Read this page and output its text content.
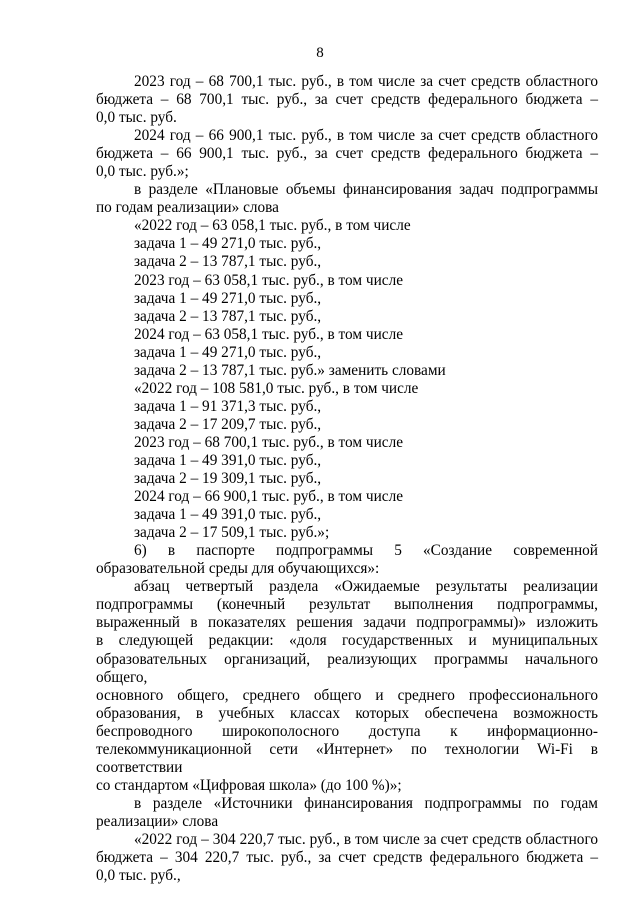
8

2023 год – 68 700,1 тыс. руб., в том числе за счет средств областного

бюджета – 68 700,1 тыс. руб., за счет средств федерального бюджета –

0,0 тыс. руб.

2024 год – 66 900,1 тыс. руб., в том числе за счет средств областного

бюджета – 66 900,1 тыс. руб., за счет средств федерального бюджета –

0,0 тыс. руб.»;

в разделе «Плановые объемы финансирования задач подпрограммы

по годам реализации» слова

«2022 год – 63 058,1 тыс. руб., в том числе

задача 1 – 49 271,0 тыс. руб.,

задача 2 – 13 787,1 тыс. руб.,

2023 год – 63 058,1 тыс. руб., в том числе

задача 1 – 49 271,0 тыс. руб.,

задача 2 – 13 787,1 тыс. руб.,

2024 год – 63 058,1 тыс. руб., в том числе

задача 1 – 49 271,0 тыс. руб.,

задача 2 – 13 787,1 тыс. руб.» заменить словами

«2022 год – 108 581,0 тыс. руб., в том числе

задача 1 – 91 371,3 тыс. руб.,

задача 2 – 17 209,7 тыс. руб.,

2023 год – 68 700,1 тыс. руб., в том числе

задача 1 – 49 391,0 тыс. руб.,

задача 2 – 19 309,1 тыс. руб.,

2024 год – 66 900,1 тыс. руб., в том числе

задача 1 – 49 391,0 тыс. руб.,

задача 2 – 17 509,1 тыс. руб.»;

6) в паспорте подпрограммы 5 «Создание современной

образовательной среды для обучающихся»:

абзац четвертый раздела «Ожидаемые результаты реализации

подпрограммы (конечный результат выполнения подпрограммы,

выраженный в показателях решения задачи подпрограммы)» изложить

в следующей редакции: «доля государственных и муниципальных

образовательных организаций, реализующих программы начального общего,

основного общего, среднего общего и среднего профессионального

образования, в учебных классах которых обеспечена возможность

беспроводного широкополосного доступа к информационно-

телекоммуникационной сети «Интернет» по технологии Wi-Fi в соответствии

со стандартом «Цифровая школа» (до 100 %)»;

в разделе «Источники финансирования подпрограммы по годам

реализации» слова

«2022 год – 304 220,7 тыс. руб., в том числе за счет средств областного

бюджета – 304 220,7 тыс. руб., за счет средств федерального бюджета –

0,0 тыс. руб.,
